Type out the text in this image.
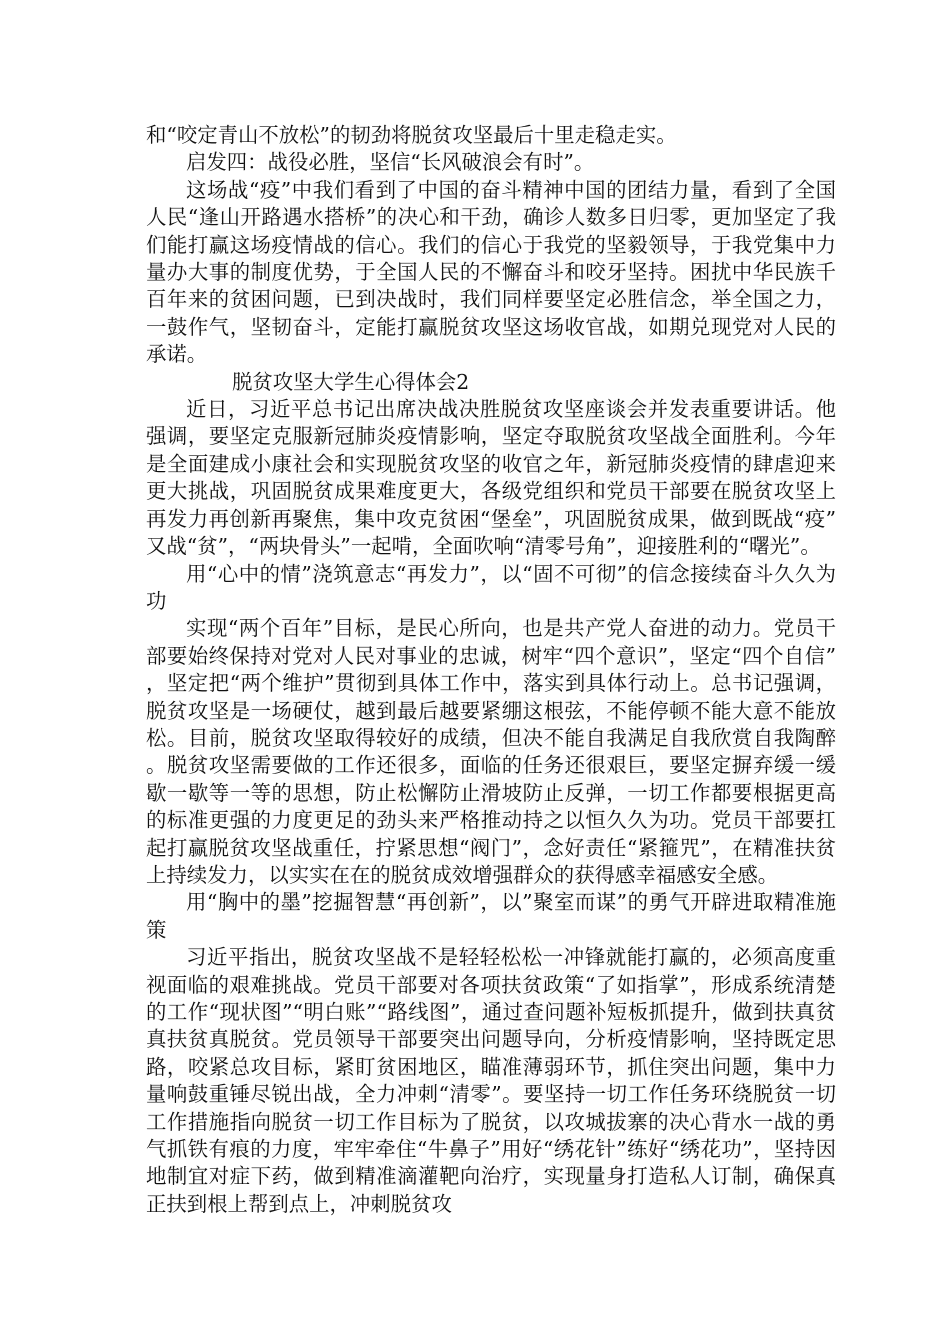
和“咬定青山不放松”的韧劲将脱贫攻坚最后十里走稳走实。

启发四：战役必胜，坚信“长风破浪会有时”。

这场战“疫”中我们看到了中国的奋斗精神中国的团结力量，看到了全国人民“逢山开路遇水搭桥”的决心和干劲，确诊人数多日归零，更加坚定了我们能打赢这场疫情战的信心。我们的信心于我党的坚毅领导，于我党集中力量办大事的制度优势，于全国人民的不懈奋斗和咬牙坚持。困扰中华民族千百年来的贫困问题，已到决战时，我们同样要坚定必胜信念，举全国之力，一鼓作气，坚韧奋斗，定能打赢脱贫攻坚这场收官战，如期兑现党对人民的承诺。

脱贫攻坚大学生心得体会2

近日，习近平总书记出席决战决胜脱贫攻坚座谈会并发表重要讲话。他强调，要坚定克服新冠肺炎疫情影响，坚定夺取脱贫攻坚战全面胜利。今年是全面建成小康社会和实现脱贫攻坚的收官之年，新冠肺炎疫情的肆虐迎来更大挑战，巩固脱贫成果难度更大，各级党组织和党员干部要在脱贫攻坚上再发力再创新再聚焦，集中攻克贫困“堡垒”，巩固脱贫成果，做到既战“疫”又战“贫”，“两块骨头”一起啃，全面吹响“清零号角”，迎接胜利的“曙光”。

用“心中的情”浇筑意志“再发力”，以“固不可彻”的信念接续奋斗久久为功

实现“两个百年”目标，是民心所向，也是共产党人奋进的动力。党员干部要始终保持对党对人民对事业的忠诚，树牢“四个意识”，坚定“四个自信”，坚定把“两个维护”贯彻到具体工作中，落实到具体行动上。总书记强调，脱贫攻坚是一场硬仗，越到最后越要紧绷这根弦，不能停顿不能大意不能放松。目前，脱贫攻坚取得较好的成绩，但决不能自我满足自我欣赏自我陶醉。脱贫攻坚需要做的工作还很多，面临的任务还很艰巨，要坚定摒弃缓一缓歇一歇等一等的思想，防止松懈防止滑坡防止反弹，一切工作都要根据更高的标准更强的力度更足的劲头来严格推动持之以恒久久为功。党员干部要扛起打赢脱贫攻坚战重任，拧紧思想“阀门”，念好责任“紧箍咒”，在精准扶贫上持续发力，以实实在在的脱贫成效增强群众的获得感幸福感安全感。

用“胸中的墨”挖掘智慧“再创新”，以”聚室而谋”的勇气开辟进取精准施策

习近平指出，脱贫攻坚战不是轻轻松松一冲锋就能打赢的，必须高度重视面临的艰难挑战。党员干部要对各项扶贫政策“了如指掌”，形成系统清楚的工作“现状图”“明白账”“路线图”，通过查问题补短板抓提升，做到扶真贫真扶贫真脱贫。党员领导干部要突出问题导向，分析疫情影响，坚持既定思路，咬紧总攻目标，紧盯贫困地区，瞄准薄弱环节，抓住突出问题，集中力量响鼓重锤尽锐出战，全力冲刺“清零”。要坚持一切工作任务环绕脱贫一切工作措施指向脱贫一切工作目标为了脱贫，以攻城拔寨的决心背水一战的勇气抓铁有痕的力度，牢牢牵住“牛鼻子”用好“绣花针”练好“绣花功”，坚持因地制宜对症下药，做到精准滴灌靶向治疗，实现量身打造私人订制，确保真正扶到根上帮到点上，冲刺脱贫攻
